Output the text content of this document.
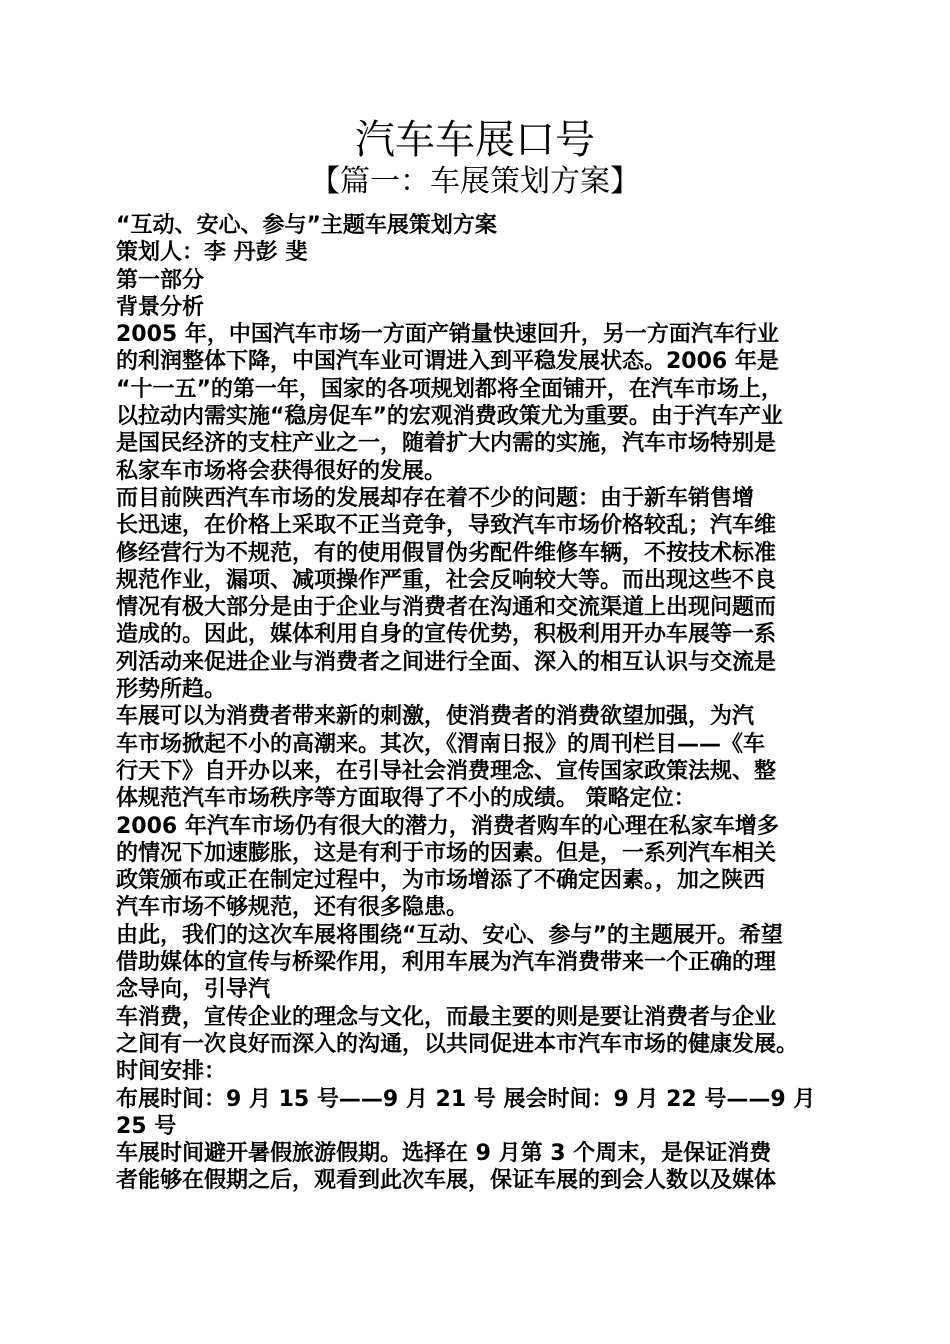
汽车车展口号
【篇一：车展策划方案】
“互动、安心、参与”主题车展策划方案
策划人：李 丹彭 斐
第一部分
背景分析
2005 年，中国汽车市场一方面产销量快速回升，另一方面汽车行业
的利润整体下降，中国汽车业可谓进入到平稳发展状态。2006 年是
“十一五”的第一年，国家的各项规划都将全面铺开，在汽车市场上，
以拉动内需实施“稳房促车”的宏观消费政策尤为重要。由于汽车产业
是国民经济的支柱产业之一，随着扩大内需的实施，汽车市场特别是
私家车市场将会获得很好的发展。
而目前陕西汽车市场的发展却存在着不少的问题：由于新车销售增
长迅速，在价格上采取不正当竞争，导致汽车市场价格较乱；汽车维
修经营行为不规范，有的使用假冒伪劣配件维修车辆，不按技术标准
规范作业，漏项、减项操作严重，社会反响较大等。而出现这些不良
情况有极大部分是由于企业与消费者在沟通和交流渠道上出现问题而
造成的。因此，媒体利用自身的宣传优势，积极利用开办车展等一系
列活动来促进企业与消费者之间进行全面、深入的相互认识与交流是
形势所趋。
车展可以为消费者带来新的刺激，使消费者的消费欲望加强，为汽
车市场掀起不小的高潮来。其次，《渭南日报》的周刊栏目——《车
行天下》自开办以来，在引导社会消费理念、宣传国家政策法规、整
体规范汽车市场秩序等方面取得了不小的成绩。 策略定位：
2006 年汽车市场仍有很大的潜力，消费者购车的心理在私家车增多
的情况下加速膨胀，这是有利于市场的因素。但是，一系列汽车相关
政策颁布或正在制定过程中，为市场增添了不确定因素。，加之陕西
汽车市场不够规范，还有很多隐患。
由此，我们的这次车展将围绕“互动、安心、参与”的主题展开。希望
借助媒体的宣传与桥梁作用，利用车展为汽车消费带来一个正确的理
念导向，引导汽
车消费，宣传企业的理念与文化，而最主要的则是要让消费者与企业
之间有一次良好而深入的沟通，以共同促进本市汽车市场的健康发展。
时间安排：
布展时间：9 月 15 号——9 月 21 号 展会时间：9 月 22 号——9 月
25 号
车展时间避开暑假旅游假期。选择在 9 月第 3 个周末，是保证消费
者能够在假期之后，观看到此次车展，保证车展的到会人数以及媒体
